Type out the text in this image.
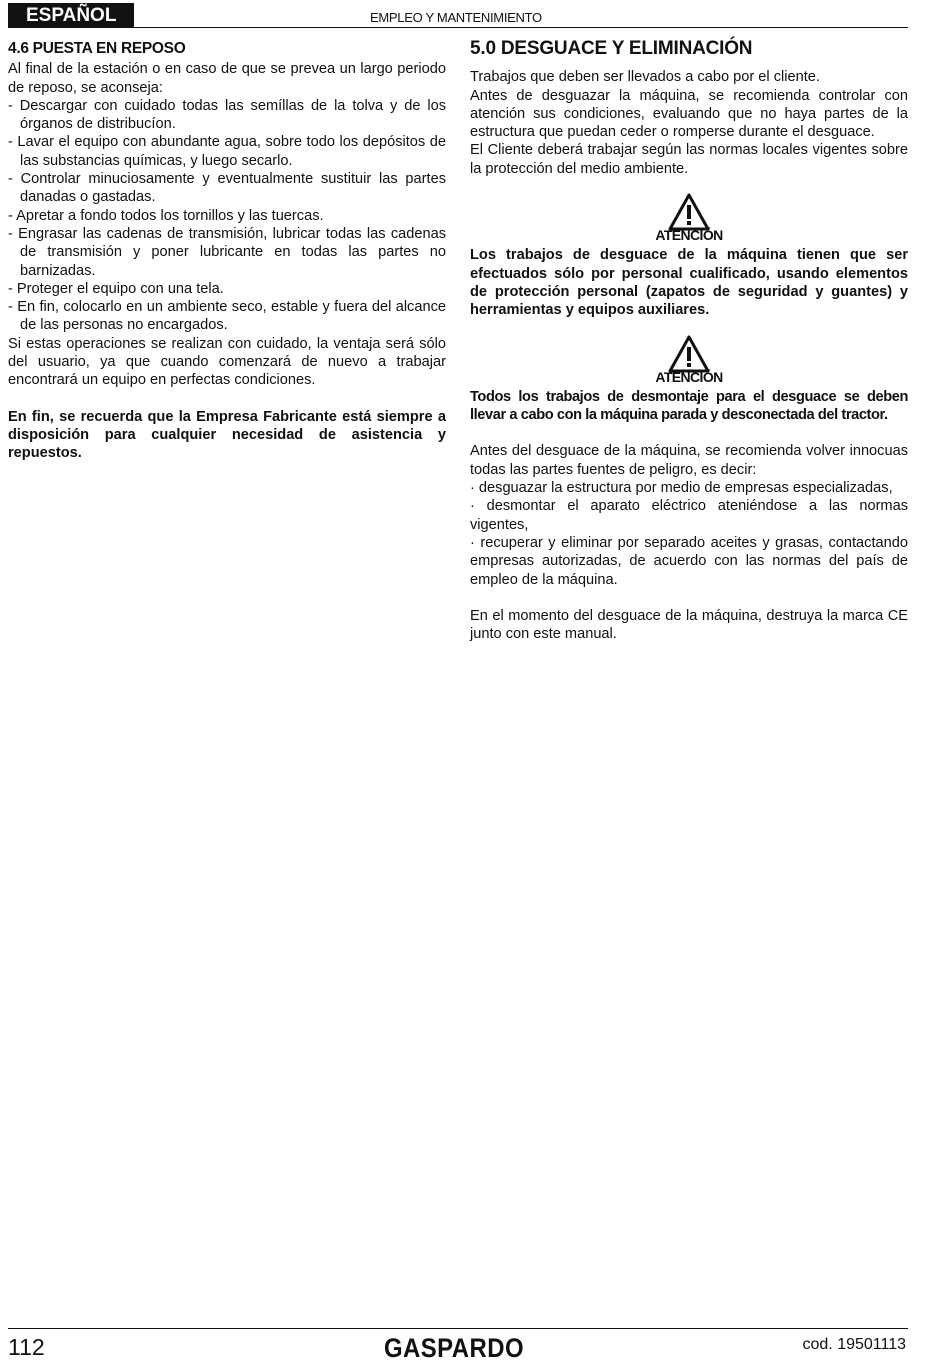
ESPAÑOL	EMPLEO Y MANTENIMIENTO
4.6 PUESTA EN REPOSO

Al final de la estación o en caso de que se prevea un largo periodo de reposo, se aconseja:

- Descargar con cuidado todas las semíllas de la tolva y de los órganos de distribucíon.

- Lavar el equipo con abundante agua, sobre todo los depósitos de las substancias químicas, y luego secarlo.

- Controlar minuciosamente y eventualmente sustituir las partes danadas o gastadas.

- Apretar a fondo todos los tornillos y las tuercas.

- Engrasar las cadenas de transmisión, lubricar todas las cadenas de transmisión y poner lubricante en todas las partes no barnizadas.

- Proteger el equipo con una tela.

- En fin, colocarlo en un ambiente seco, estable y fuera del alcance de las personas no encargados.

Si estas operaciones se realizan con cuidado, la ventaja será sólo del usuario, ya que cuando comenzará de nuevo a trabajar encontrará un equipo en perfectas condiciones.

En fin, se recuerda que la Empresa Fabricante está siempre a disposición para cualquier necesidad de asistencia y repuestos.

5.0 DESGUACE Y ELIMINACIÓN

Trabajos que deben ser llevados a cabo por el cliente.

Antes de desguazar la máquina, se recomienda controlar con atención sus condiciones, evaluando que no haya partes de la estructura que puedan ceder o romperse durante el desguace.

El Cliente deberá trabajar según las normas locales vigentes sobre la protección del medio ambiente.

ATENCIÓN

Los trabajos de desguace de la máquina tienen que ser efectuados sólo por personal cualificado, usando elementos de protección personal (zapatos de seguridad y guantes) y herramientas y equipos auxiliares.

ATENCIÓN

Todos los trabajos de desmontaje para el desguace se deben llevar a cabo con la máquina parada y desconectada del tractor.

Antes del desguace de la máquina, se recomienda volver innocuas todas las partes fuentes de peligro, es decir:

· desguazar la estructura por medio de empresas especializadas,

· desmontar el aparato eléctrico ateniéndose a las normas vigentes,

· recuperar y eliminar por separado aceites y grasas, contactando empresas autorizadas, de acuerdo con las normas del país de empleo de la máquina.

En el momento del desguace de la máquina, destruya la marca CE junto con este manual.

112	GASPARDO	cod. 19501113
